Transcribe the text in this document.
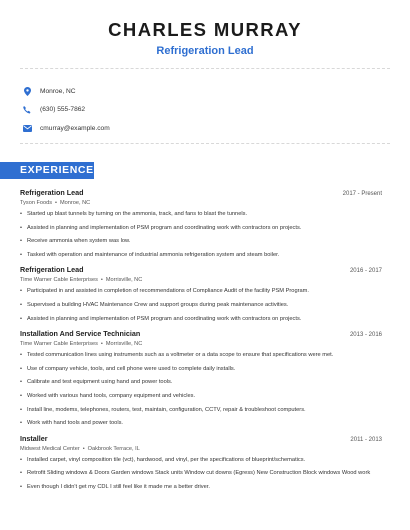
CHARLES MURRAY
Refrigeration Lead
Monroe, NC
(630) 555-7862
cmurray@example.com
EXPERIENCE
Refrigeration Lead	2017 - Present
Tyson Foods • Monroe, NC
• Started up blast tunnels by turning on the ammonia, track, and fans to blast the tunnels.
• Assisted in planning and implementation of PSM program and coordinating work with contractors on projects.
• Receive ammonia when system was low.
• Tasked with operation and maintenance of industrial ammonia refrigeration system and steam boiler.
Refrigeration Lead	2016 - 2017
Time Warner Cable Enterprises • Morrisville, NC
• Participated in and assisted in completion of recommendations of Compliance Audit of the facility PSM Program.
• Supervised a building HVAC Maintenance Crew and support groups during peak maintenance activities.
• Assisted in planning and implementation of PSM program and coordinating work with contractors on projects.
Installation And Service Technician	2013 - 2016
Time Warner Cable Enterprises • Morrisville, NC
• Tested communication lines using instruments such as a voltmeter or a data scope to ensure that specifications were met.
• Use of company vehicle, tools, and cell phone were used to complete daily installs.
• Calibrate and test equipment using hand and power tools.
• Worked with various hand tools, company equipment and vehicles.
• Install line, modems, telephones, routers, test, maintain, configuration, CCTV, repair & troubleshoot computers.
• Work with hand tools and power tools.
Installer	2011 - 2013
Midwest Medical Center • Oakbrook Terrace, IL
• Installed carpet, vinyl composition tile (vct), hardwood, and vinyl, per the specifications of blueprint/schematics.
• Retrofit Sliding windows & Doors Garden windows Stack units Window cut downs (Egress) New Construction Block windows Wood work
• Even though I didn't get my CDL I still feel like it made me a better driver.
